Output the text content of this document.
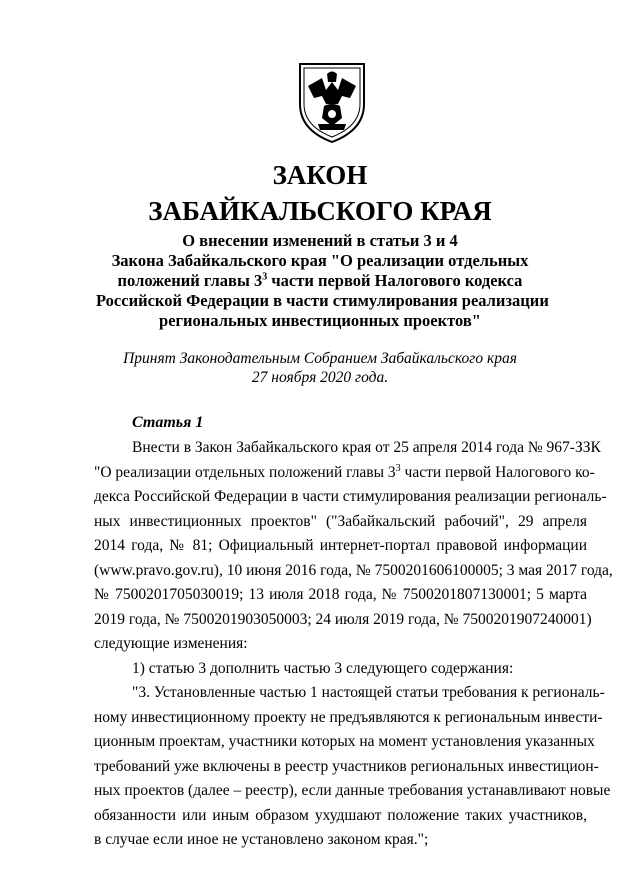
ЗАКОН
ЗАБАЙКАЛЬСКОГО КРАЯ
О внесении изменений в статьи 3 и 4
Закона Забайкальского края "О реализации отдельных
положений главы $3^3$ части первой Налогового кодекса
Российской Федерации в части стимулирования реализации
региональных инвестиционных проектов"
Принят Законодательным Собранием Забайкальского края
27 ноября 2020 года.
Статья 1
Внести в Закон Забайкальского края от 25 апреля 2014 года № 967-ЗЗК
"О реализации отдельных положений главы $3^3$ части первой Налогового ко-
декса Российской Федерации в части стимулирования реализации региональ-
ных инвестиционных проектов" ("Забайкальский рабочий", 29 апреля
2014 года, № 81; Официальный интернет-портал правовой информации
(www.pravo.gov.ru), 10 июня 2016 года, № 7500201606100005; 3 мая 2017 года,
№ 7500201705030019; 13 июля 2018 года, № 7500201807130001; 5 марта
2019 года, № 7500201903050003; 24 июля 2019 года, № 7500201907240001)
следующие изменения:
1) статью 3 дополнить частью 3 следующего содержания:
"3. Установленные частью 1 настоящей статьи требования к региональ-
ному инвестиционному проекту не предъявляются к региональным инвести-
ционным проектам, участники которых на момент установления указанных
требований уже включены в реестр участников региональных инвестицион-
ных проектов (далее – реестр), если данные требования устанавливают новые
обязанности или иным образом ухудшают положение таких участников,
в случае если иное не установлено законом края.";
